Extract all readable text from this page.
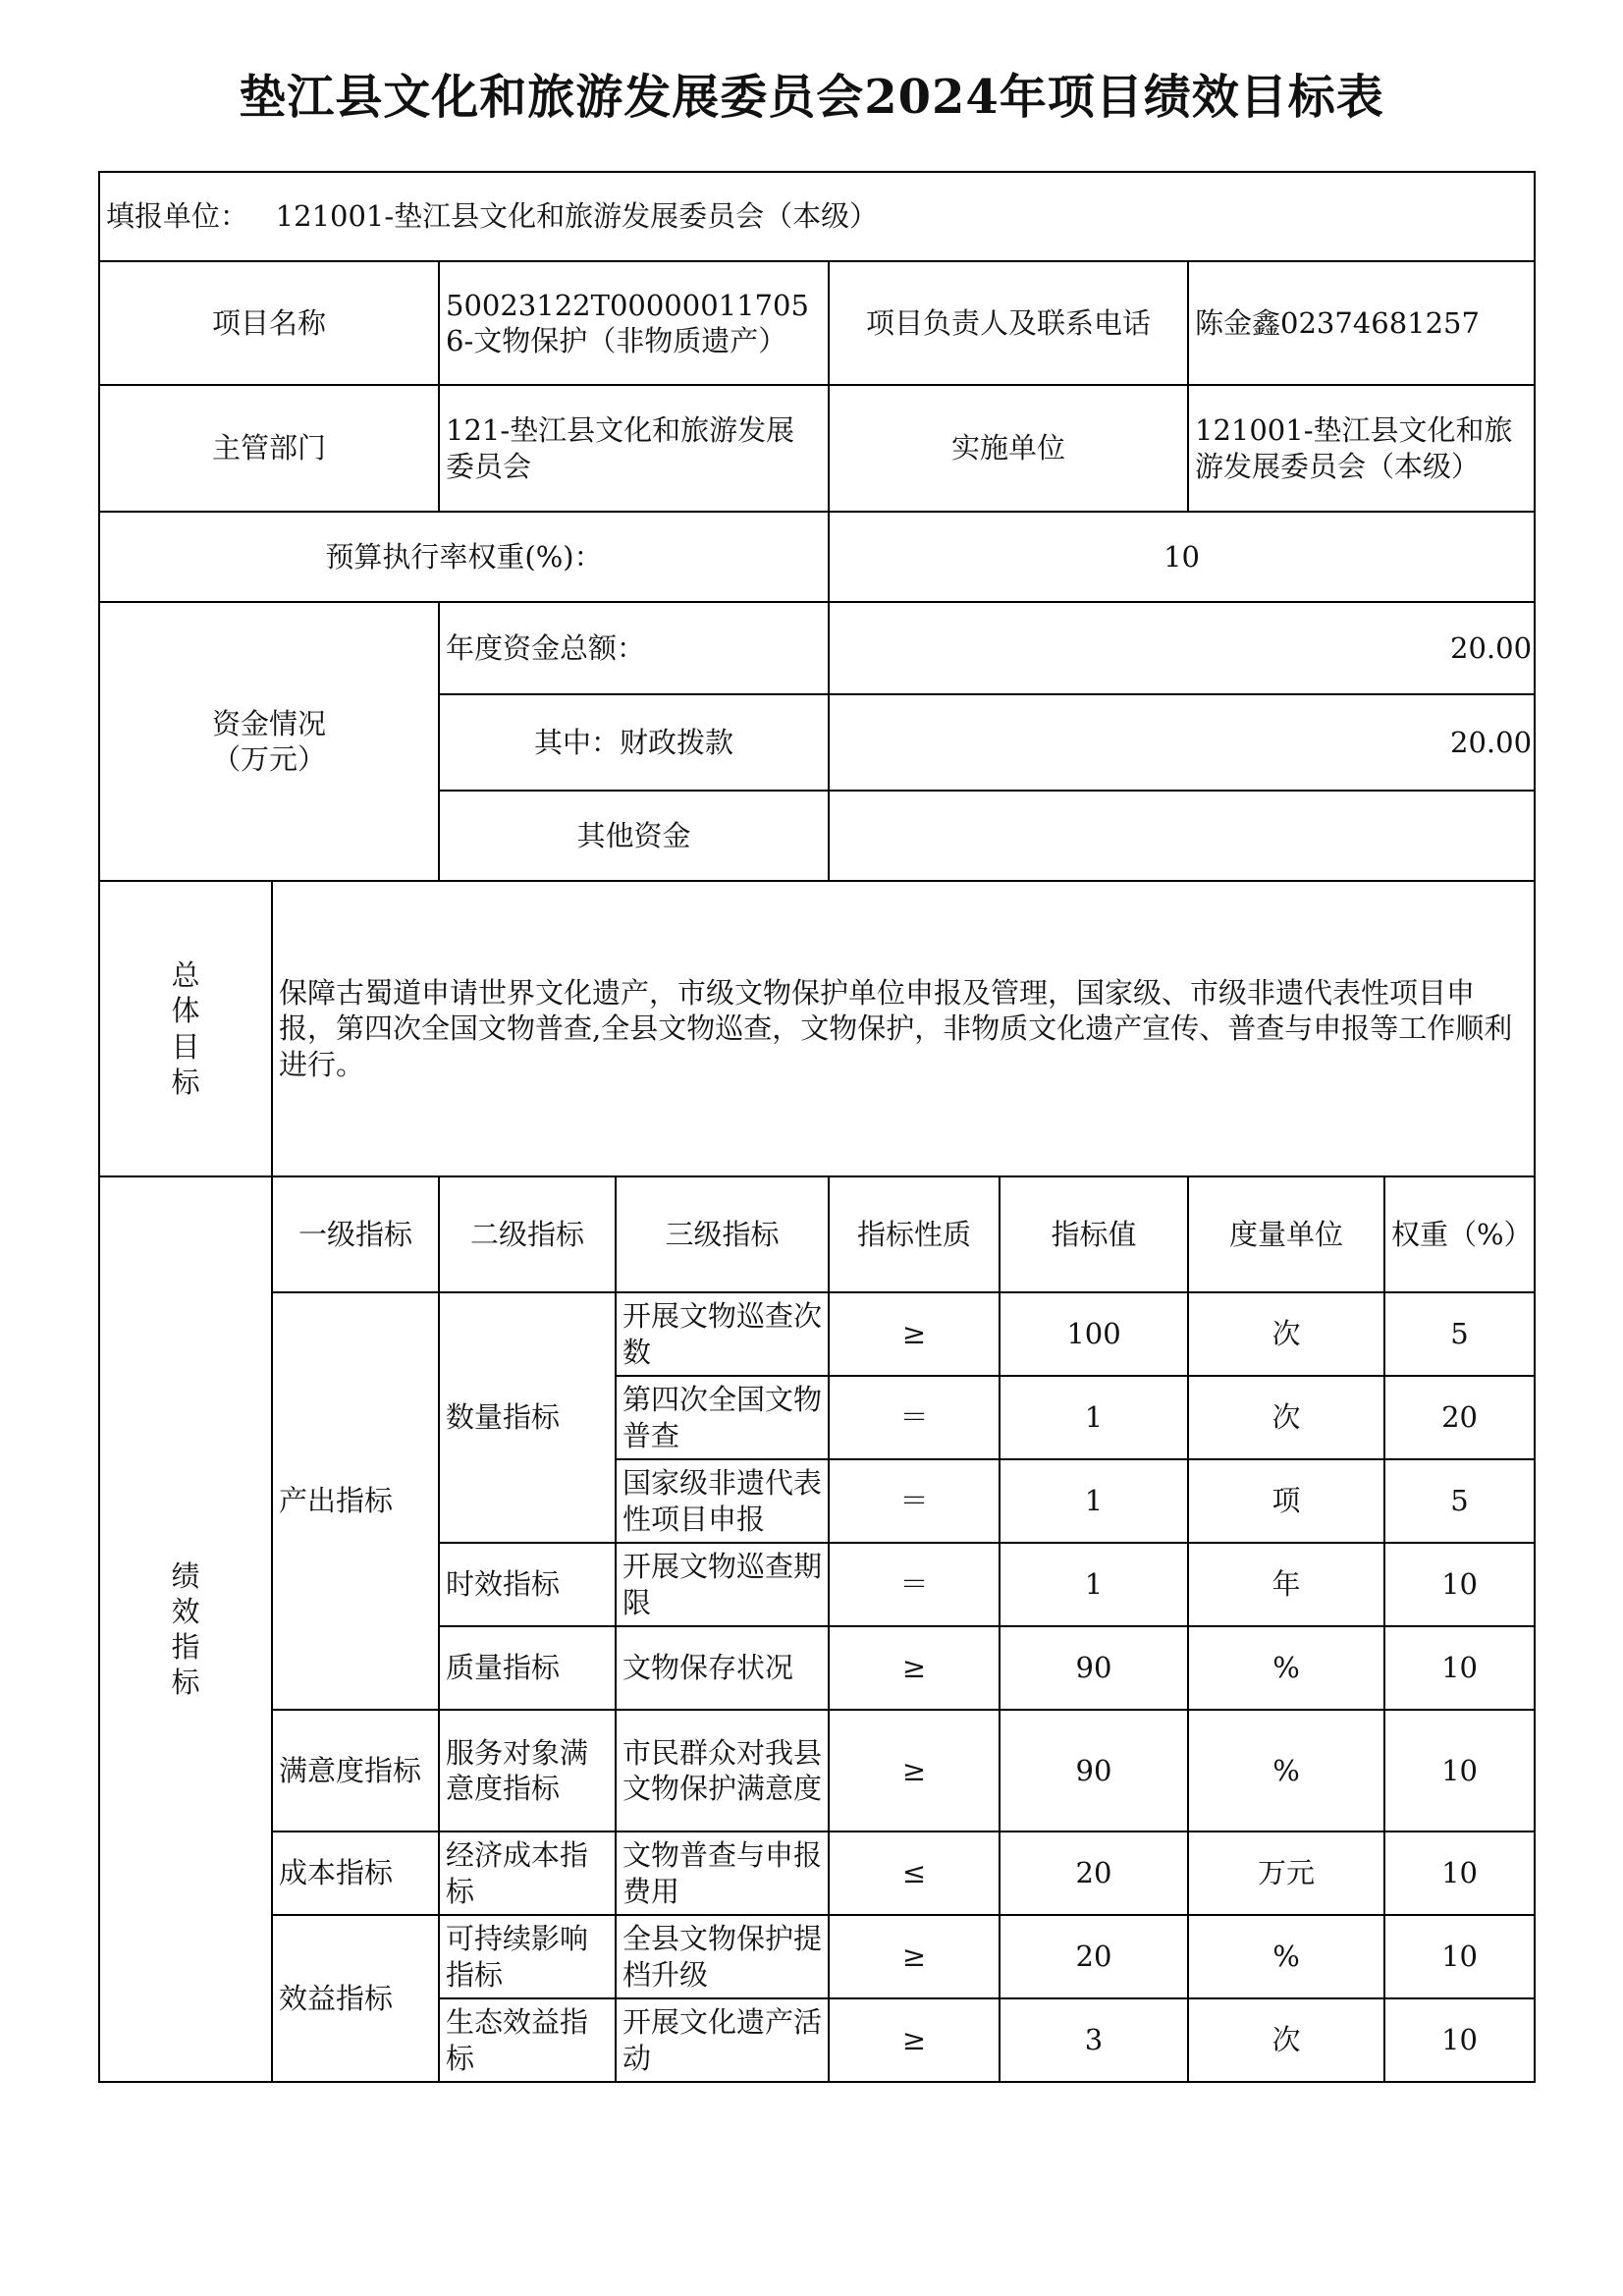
垫江县文化和旅游发展委员会2024年项目绩效目标表
填报单位： 121001-垫江县文化和旅游发展委员会（本级）							
项目名称		50023122T000000117056-文物保护（非物质遗产）		项目负责人及联系电话		陈金鑫02374681257	
主管部门		121-垫江县文化和旅游发展委员会		实施单位		121001-垫江县文化和旅游发展委员会（本级）	
预算执行率权重(%)：				10			
资金情况
（万元）		年度资金总额：		20.00			
		其中：财政拨款		20.00			
		其他资金					

总
体
目
标	保障古蜀道申请世界文化遗产，市级文物保护单位申报及管理，国家级、市级非遗代表性项目申报，第四次全国文物普查,全县文物巡查，文物保护，非物质文化遗产宣传、普查与申报等工作顺利进行。						

绩
效
指
标	一级指标	二级指标	三级指标	指标性质	指标值	度量单位	权重（%）
	产出指标	数量指标	开展文物巡查次数	≥	100	次	5
			第四次全国文物普查	＝	1	次	20
			国家级非遗代表性项目申报	＝	1	项	5
		时效指标	开展文物巡查期限	＝	1	年	10
		质量指标	文物保存状况	≥	90	%	10
	满意度指标	服务对象满意度指标	市民群众对我县文物保护满意度	≥	90	%	10
	成本指标	经济成本指标	文物普查与申报费用	≤	20	万元	10
	效益指标	可持续影响指标	全县文物保护提档升级	≥	20	%	10
		生态效益指标	开展文化遗产活动	≥	3	次	10
